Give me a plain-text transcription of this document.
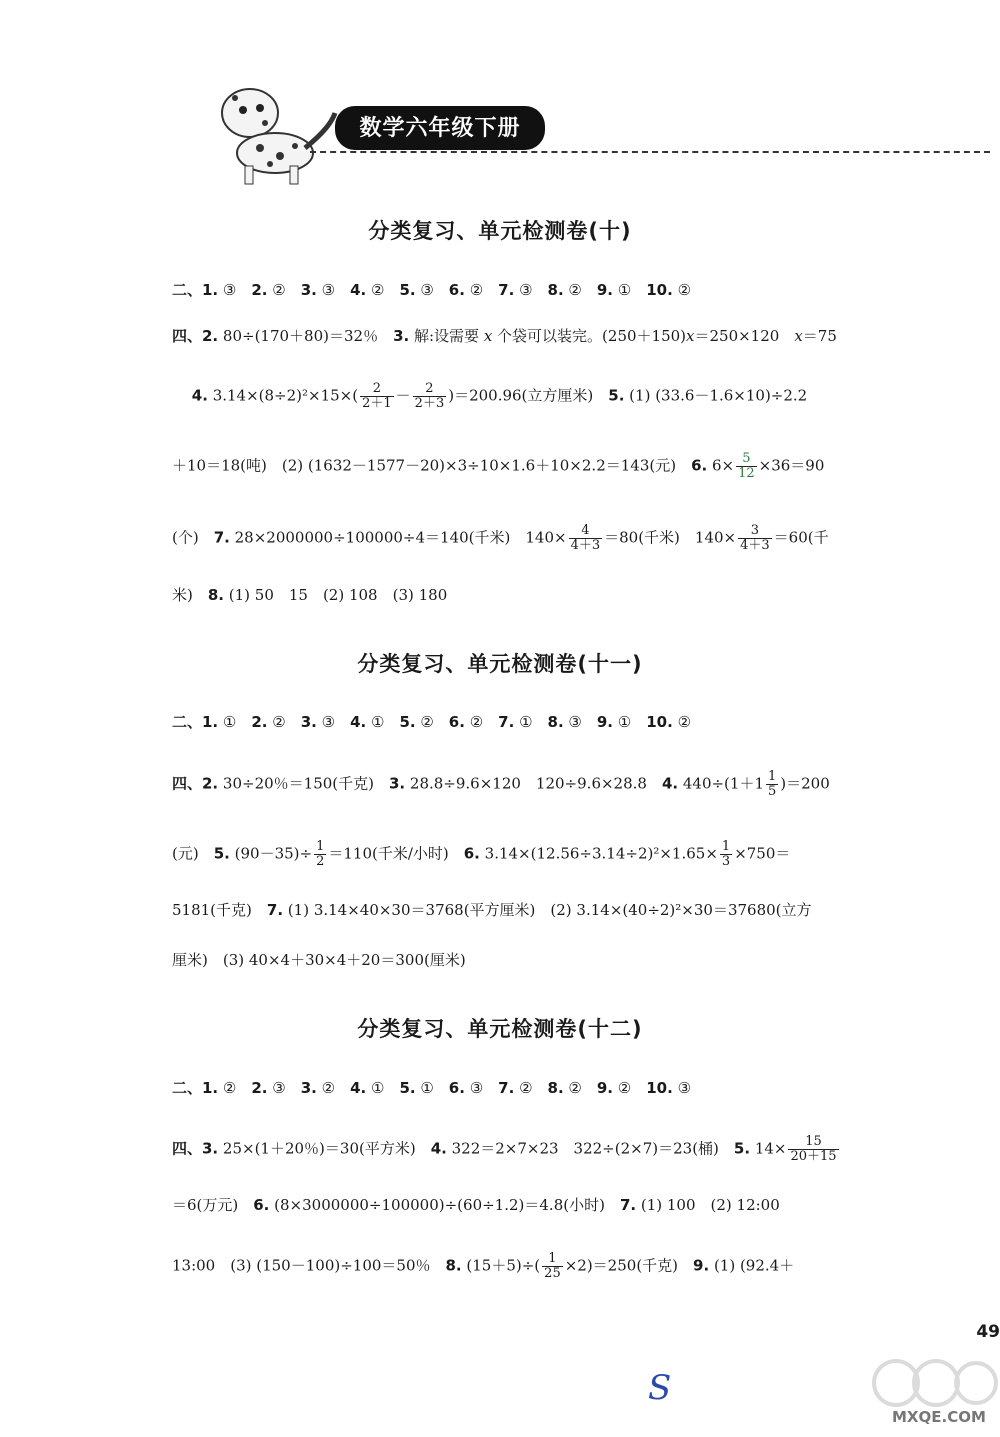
数学六年级下册
分类复习、单元检测卷(十)
二、1. ③　2. ②　3. ③　4. ②　5. ③　6. ②　7. ③　8. ②　9. ①　10. ②
四、2. 80÷(170＋80)＝32％　3. 解:设需要 x 个袋可以装完。(250＋150)x＝250×120　x＝75
　 4. $3.14\times(8\div 2)^2\times 15\times( \frac{2}{2+1} - \frac{2}{2+3} )=200.96$(立方厘米)　5. (1) (33.6－1.6×10)÷2.2
＋10＝18(吨)　(2) (1632－1577－20)×3÷10×1.6＋10×2.2＝143(元)　6. $6\times \frac{5}{12} \times 36=90$
(个)　7. 28×2000000÷100000÷4＝140(千米)　$140\times \frac{4}{4+3} =80$(千米)　$140\times \frac{3}{4+3} =60$(千
米)　8. (1) 50　15　(2) 108　(3) 180
分类复习、单元检测卷(十一)
二、1. ①　2. ②　3. ③　4. ①　5. ②　6. ②　7. ①　8. ③　9. ①　10. ②
四、2. 30÷20％＝150(千克)　3. 28.8÷9.6×120　120÷9.6×28.8　4. $440\div(1+1 \frac{1}{5} )=200$
(元)　5. $(90-35)\div \frac{1}{2} =110$(千米/小时)　6. $3.14\times(12.56\div 3.14\div 2)^2\times 1.65\times \frac{1}{3} \times 750=$
5181(千克)　7. (1) 3.14×40×30＝3768(平方厘米)　(2) 3.14×(40÷2)²×30＝37680(立方
厘米)　(3) 40×4＋30×4＋20＝300(厘米)
分类复习、单元检测卷(十二)
二、1. ②　2. ③　3. ②　4. ①　5. ①　6. ③　7. ②　8. ②　9. ②　10. ③
四、3. 25×(1＋20％)＝30(平方米)　4. 322＝2×7×23　322÷(2×7)＝23(桶)　5. $14\times \frac{15}{20+15}$
＝6(万元)　6. (8×3000000÷100000)÷(60÷1.2)＝4.8(小时)　7. (1) 100　(2) 12:00
13:00　(3) (150－100)÷100＝50％　8. $(15+5)\div( \frac{1}{25} \times 2)=250$(千克)　9. (1) (92.4＋
49
S
MXQE.COM
